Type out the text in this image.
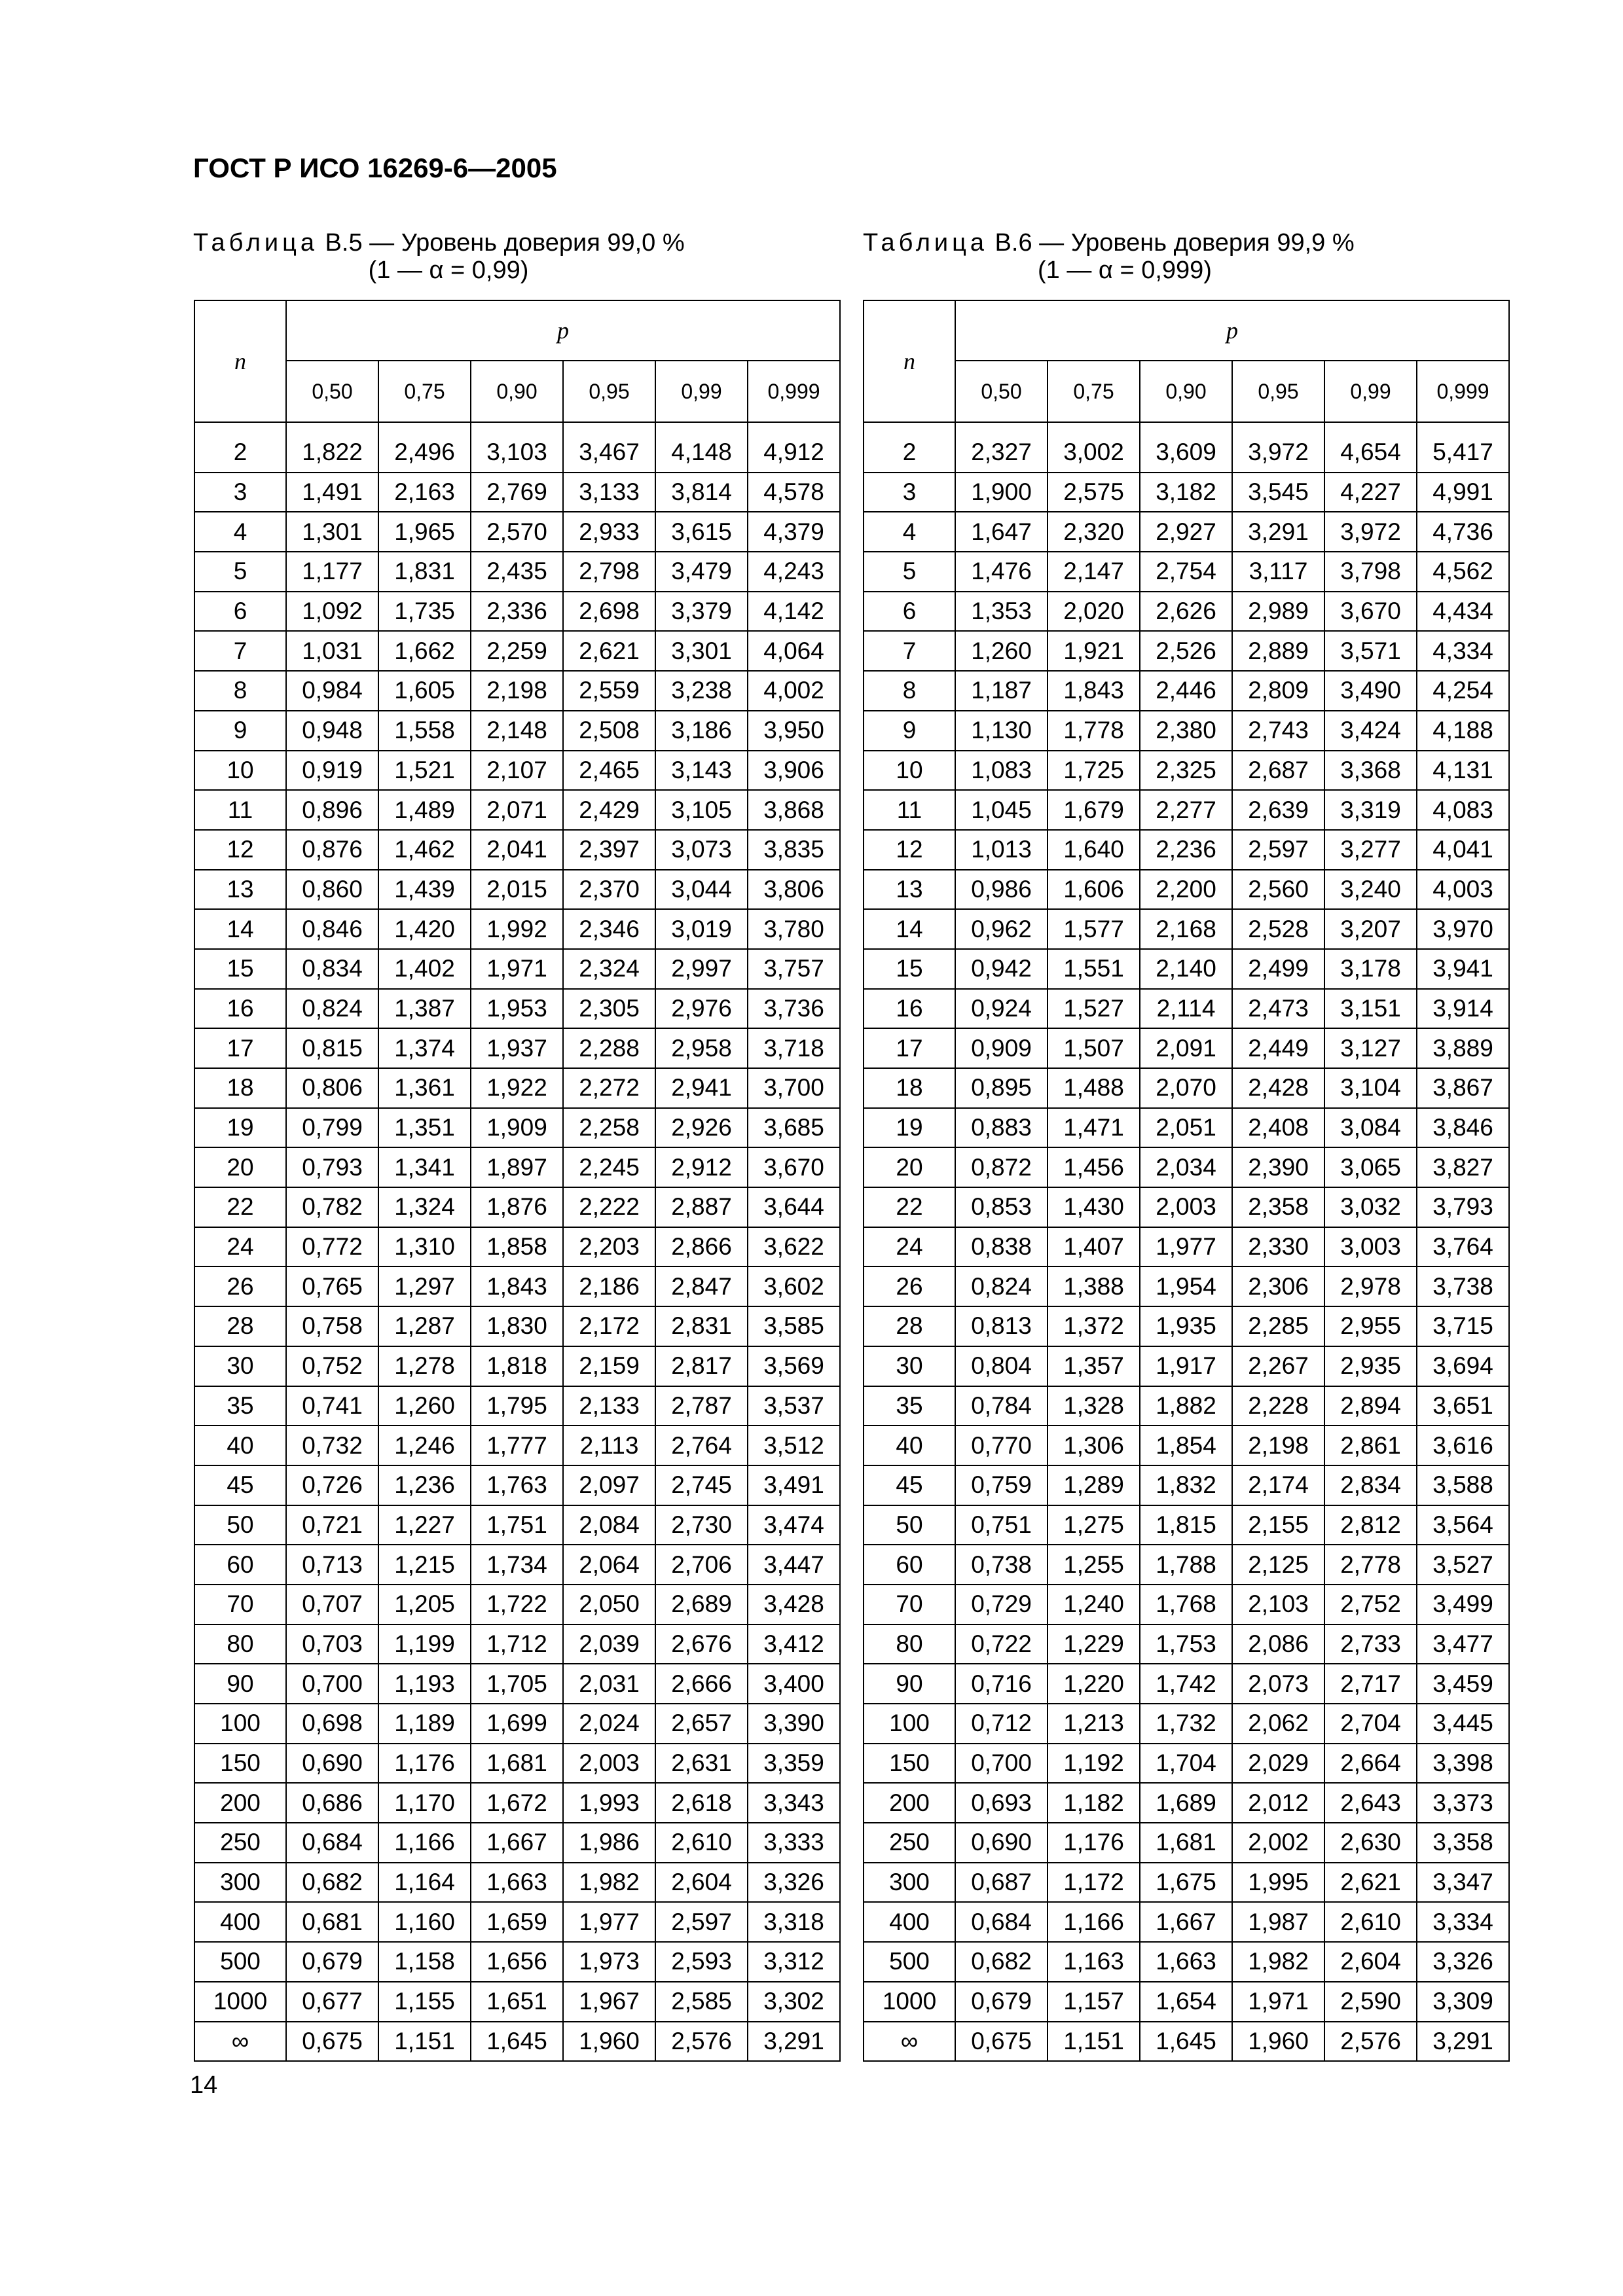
ГОСТ Р ИСО 16269-6—2005
Таблица B.5 — Уровень доверия 99,0 %
(1 — α = 0,99)
Таблица B.6 — Уровень доверия 99,9 %
(1 — α = 0,999)
n	p					
	0,50	0,75	0,90	0,95	0,99	0,999

2	1,822	2,496	3,103	3,467	4,148	4,912
3	1,491	2,163	2,769	3,133	3,814	4,578
4	1,301	1,965	2,570	2,933	3,615	4,379
5	1,177	1,831	2,435	2,798	3,479	4,243
6	1,092	1,735	2,336	2,698	3,379	4,142
7	1,031	1,662	2,259	2,621	3,301	4,064
8	0,984	1,605	2,198	2,559	3,238	4,002
9	0,948	1,558	2,148	2,508	3,186	3,950
10	0,919	1,521	2,107	2,465	3,143	3,906
11	0,896	1,489	2,071	2,429	3,105	3,868
12	0,876	1,462	2,041	2,397	3,073	3,835
13	0,860	1,439	2,015	2,370	3,044	3,806
14	0,846	1,420	1,992	2,346	3,019	3,780
15	0,834	1,402	1,971	2,324	2,997	3,757
16	0,824	1,387	1,953	2,305	2,976	3,736
17	0,815	1,374	1,937	2,288	2,958	3,718
18	0,806	1,361	1,922	2,272	2,941	3,700
19	0,799	1,351	1,909	2,258	2,926	3,685
20	0,793	1,341	1,897	2,245	2,912	3,670
22	0,782	1,324	1,876	2,222	2,887	3,644
24	0,772	1,310	1,858	2,203	2,866	3,622
26	0,765	1,297	1,843	2,186	2,847	3,602
28	0,758	1,287	1,830	2,172	2,831	3,585
30	0,752	1,278	1,818	2,159	2,817	3,569
35	0,741	1,260	1,795	2,133	2,787	3,537
40	0,732	1,246	1,777	2,113	2,764	3,512
45	0,726	1,236	1,763	2,097	2,745	3,491
50	0,721	1,227	1,751	2,084	2,730	3,474
60	0,713	1,215	1,734	2,064	2,706	3,447
70	0,707	1,205	1,722	2,050	2,689	3,428
80	0,703	1,199	1,712	2,039	2,676	3,412
90	0,700	1,193	1,705	2,031	2,666	3,400
100	0,698	1,189	1,699	2,024	2,657	3,390
150	0,690	1,176	1,681	2,003	2,631	3,359
200	0,686	1,170	1,672	1,993	2,618	3,343
250	0,684	1,166	1,667	1,986	2,610	3,333
300	0,682	1,164	1,663	1,982	2,604	3,326
400	0,681	1,160	1,659	1,977	2,597	3,318
500	0,679	1,158	1,656	1,973	2,593	3,312
1000	0,677	1,155	1,651	1,967	2,585	3,302
∞	0,675	1,151	1,645	1,960	2,576	3,291
n	p					
	0,50	0,75	0,90	0,95	0,99	0,999

2	2,327	3,002	3,609	3,972	4,654	5,417
3	1,900	2,575	3,182	3,545	4,227	4,991
4	1,647	2,320	2,927	3,291	3,972	4,736
5	1,476	2,147	2,754	3,117	3,798	4,562
6	1,353	2,020	2,626	2,989	3,670	4,434
7	1,260	1,921	2,526	2,889	3,571	4,334
8	1,187	1,843	2,446	2,809	3,490	4,254
9	1,130	1,778	2,380	2,743	3,424	4,188
10	1,083	1,725	2,325	2,687	3,368	4,131
11	1,045	1,679	2,277	2,639	3,319	4,083
12	1,013	1,640	2,236	2,597	3,277	4,041
13	0,986	1,606	2,200	2,560	3,240	4,003
14	0,962	1,577	2,168	2,528	3,207	3,970
15	0,942	1,551	2,140	2,499	3,178	3,941
16	0,924	1,527	2,114	2,473	3,151	3,914
17	0,909	1,507	2,091	2,449	3,127	3,889
18	0,895	1,488	2,070	2,428	3,104	3,867
19	0,883	1,471	2,051	2,408	3,084	3,846
20	0,872	1,456	2,034	2,390	3,065	3,827
22	0,853	1,430	2,003	2,358	3,032	3,793
24	0,838	1,407	1,977	2,330	3,003	3,764
26	0,824	1,388	1,954	2,306	2,978	3,738
28	0,813	1,372	1,935	2,285	2,955	3,715
30	0,804	1,357	1,917	2,267	2,935	3,694
35	0,784	1,328	1,882	2,228	2,894	3,651
40	0,770	1,306	1,854	2,198	2,861	3,616
45	0,759	1,289	1,832	2,174	2,834	3,588
50	0,751	1,275	1,815	2,155	2,812	3,564
60	0,738	1,255	1,788	2,125	2,778	3,527
70	0,729	1,240	1,768	2,103	2,752	3,499
80	0,722	1,229	1,753	2,086	2,733	3,477
90	0,716	1,220	1,742	2,073	2,717	3,459
100	0,712	1,213	1,732	2,062	2,704	3,445
150	0,700	1,192	1,704	2,029	2,664	3,398
200	0,693	1,182	1,689	2,012	2,643	3,373
250	0,690	1,176	1,681	2,002	2,630	3,358
300	0,687	1,172	1,675	1,995	2,621	3,347
400	0,684	1,166	1,667	1,987	2,610	3,334
500	0,682	1,163	1,663	1,982	2,604	3,326
1000	0,679	1,157	1,654	1,971	2,590	3,309
∞	0,675	1,151	1,645	1,960	2,576	3,291
14
